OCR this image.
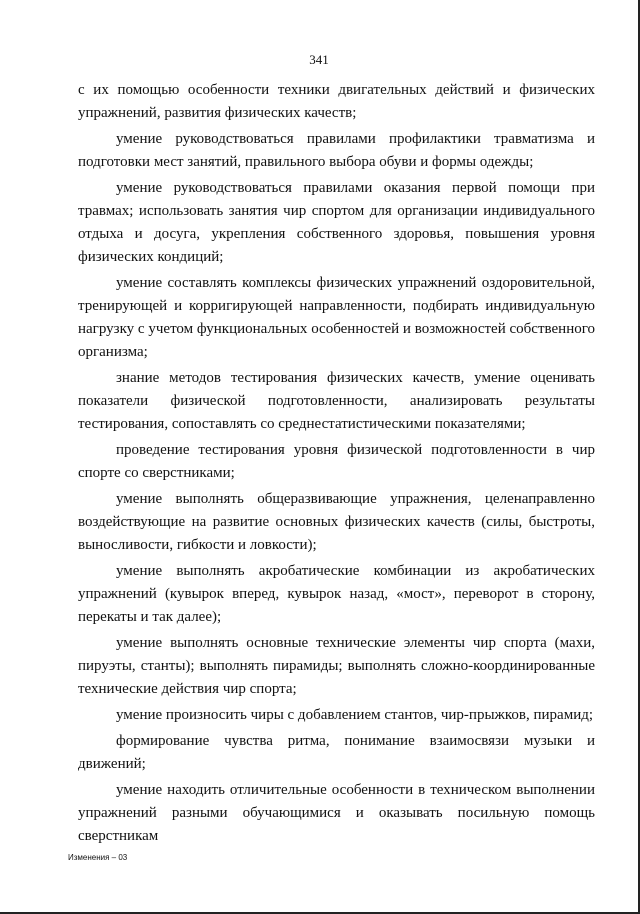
341

с их помощью особенности техники двигательных действий и физических упражнений, развития физических качеств;

умение руководствоваться правилами профилактики травматизма и подготовки мест занятий, правильного выбора обуви и формы одежды;

умение руководствоваться правилами оказания первой помощи при травмах; использовать занятия чир спортом для организации индивидуального отдыха и досуга, укрепления собственного здоровья, повышения уровня физических кондиций;

умение составлять комплексы физических упражнений оздоровительной, тренирующей и корригирующей направленности, подбирать индивидуальную нагрузку с учетом функциональных особенностей и возможностей собственного организма;

знание методов тестирования физических качеств, умение оценивать показатели физической подготовленности, анализировать результаты тестирования, сопоставлять со среднестатистическими показателями;

проведение тестирования уровня физической подготовленности в чир спорте со сверстниками;

умение выполнять общеразвивающие упражнения, целенаправленно воздействующие на развитие основных физических качеств (силы, быстроты, выносливости, гибкости и ловкости);

умение выполнять акробатические комбинации из акробатических упражнений (кувырок вперед, кувырок назад, «мост», переворот в сторону, перекаты и так далее);

умение выполнять основные технические элементы чир спорта (махи, пируэты, станты); выполнять пирамиды; выполнять сложно-координированные технические действия чир спорта;

умение произносить чиры с добавлением стантов, чир-прыжков, пирамид;

формирование чувства ритма, понимание взаимосвязи музыки и движений;

умение находить отличительные особенности в техническом выполнении упражнений разными обучающимися и оказывать посильную помощь сверстникам

Изменения – 03
